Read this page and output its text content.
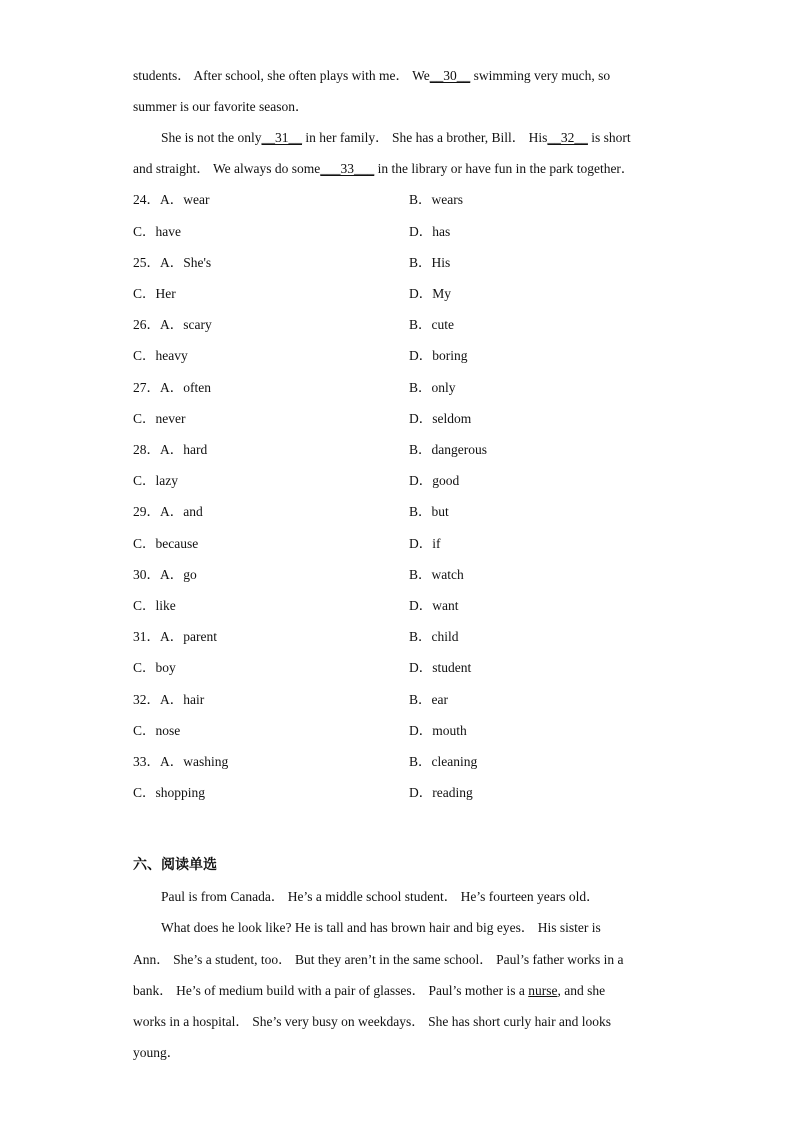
students． After school, she often plays with me． We__30__ swimming very much, so
summer is our favorite season．
She is not the only__31__ in her family． She has a brother, Bill． His__32__ is short
and straight． We always do some___33___ in the library or have fun in the park together．
24．A．wear	B．wears
C．have	D．has
25．A．She's	B．His
C．Her	D．My
26．A．scary	B．cute
C．heavy	D．boring
27．A．often	B．only
C．never	D．seldom
28．A．hard	B．dangerous
C．lazy	D．good
29．A．and	B．but
C．because	D．if
30．A．go	B．watch
C．like	D．want
31．A．parent	B．child
C．boy	D．student
32．A．hair	B．ear
C．nose	D．mouth
33．A．washing	B．cleaning
C．shopping	D．reading
六、阅读单选
Paul is from Canada． He’s a middle school student． He’s fourteen years old．
What does he look like? He is tall and has brown hair and big eyes． His sister is
Ann． She’s a student, too． But they aren’t in the same school． Paul’s father works in a
bank． He’s of medium build with a pair of glasses． Paul’s mother is a nurse, and she
works in a hospital． She’s very busy on weekdays． She has short curly hair and looks
young．
